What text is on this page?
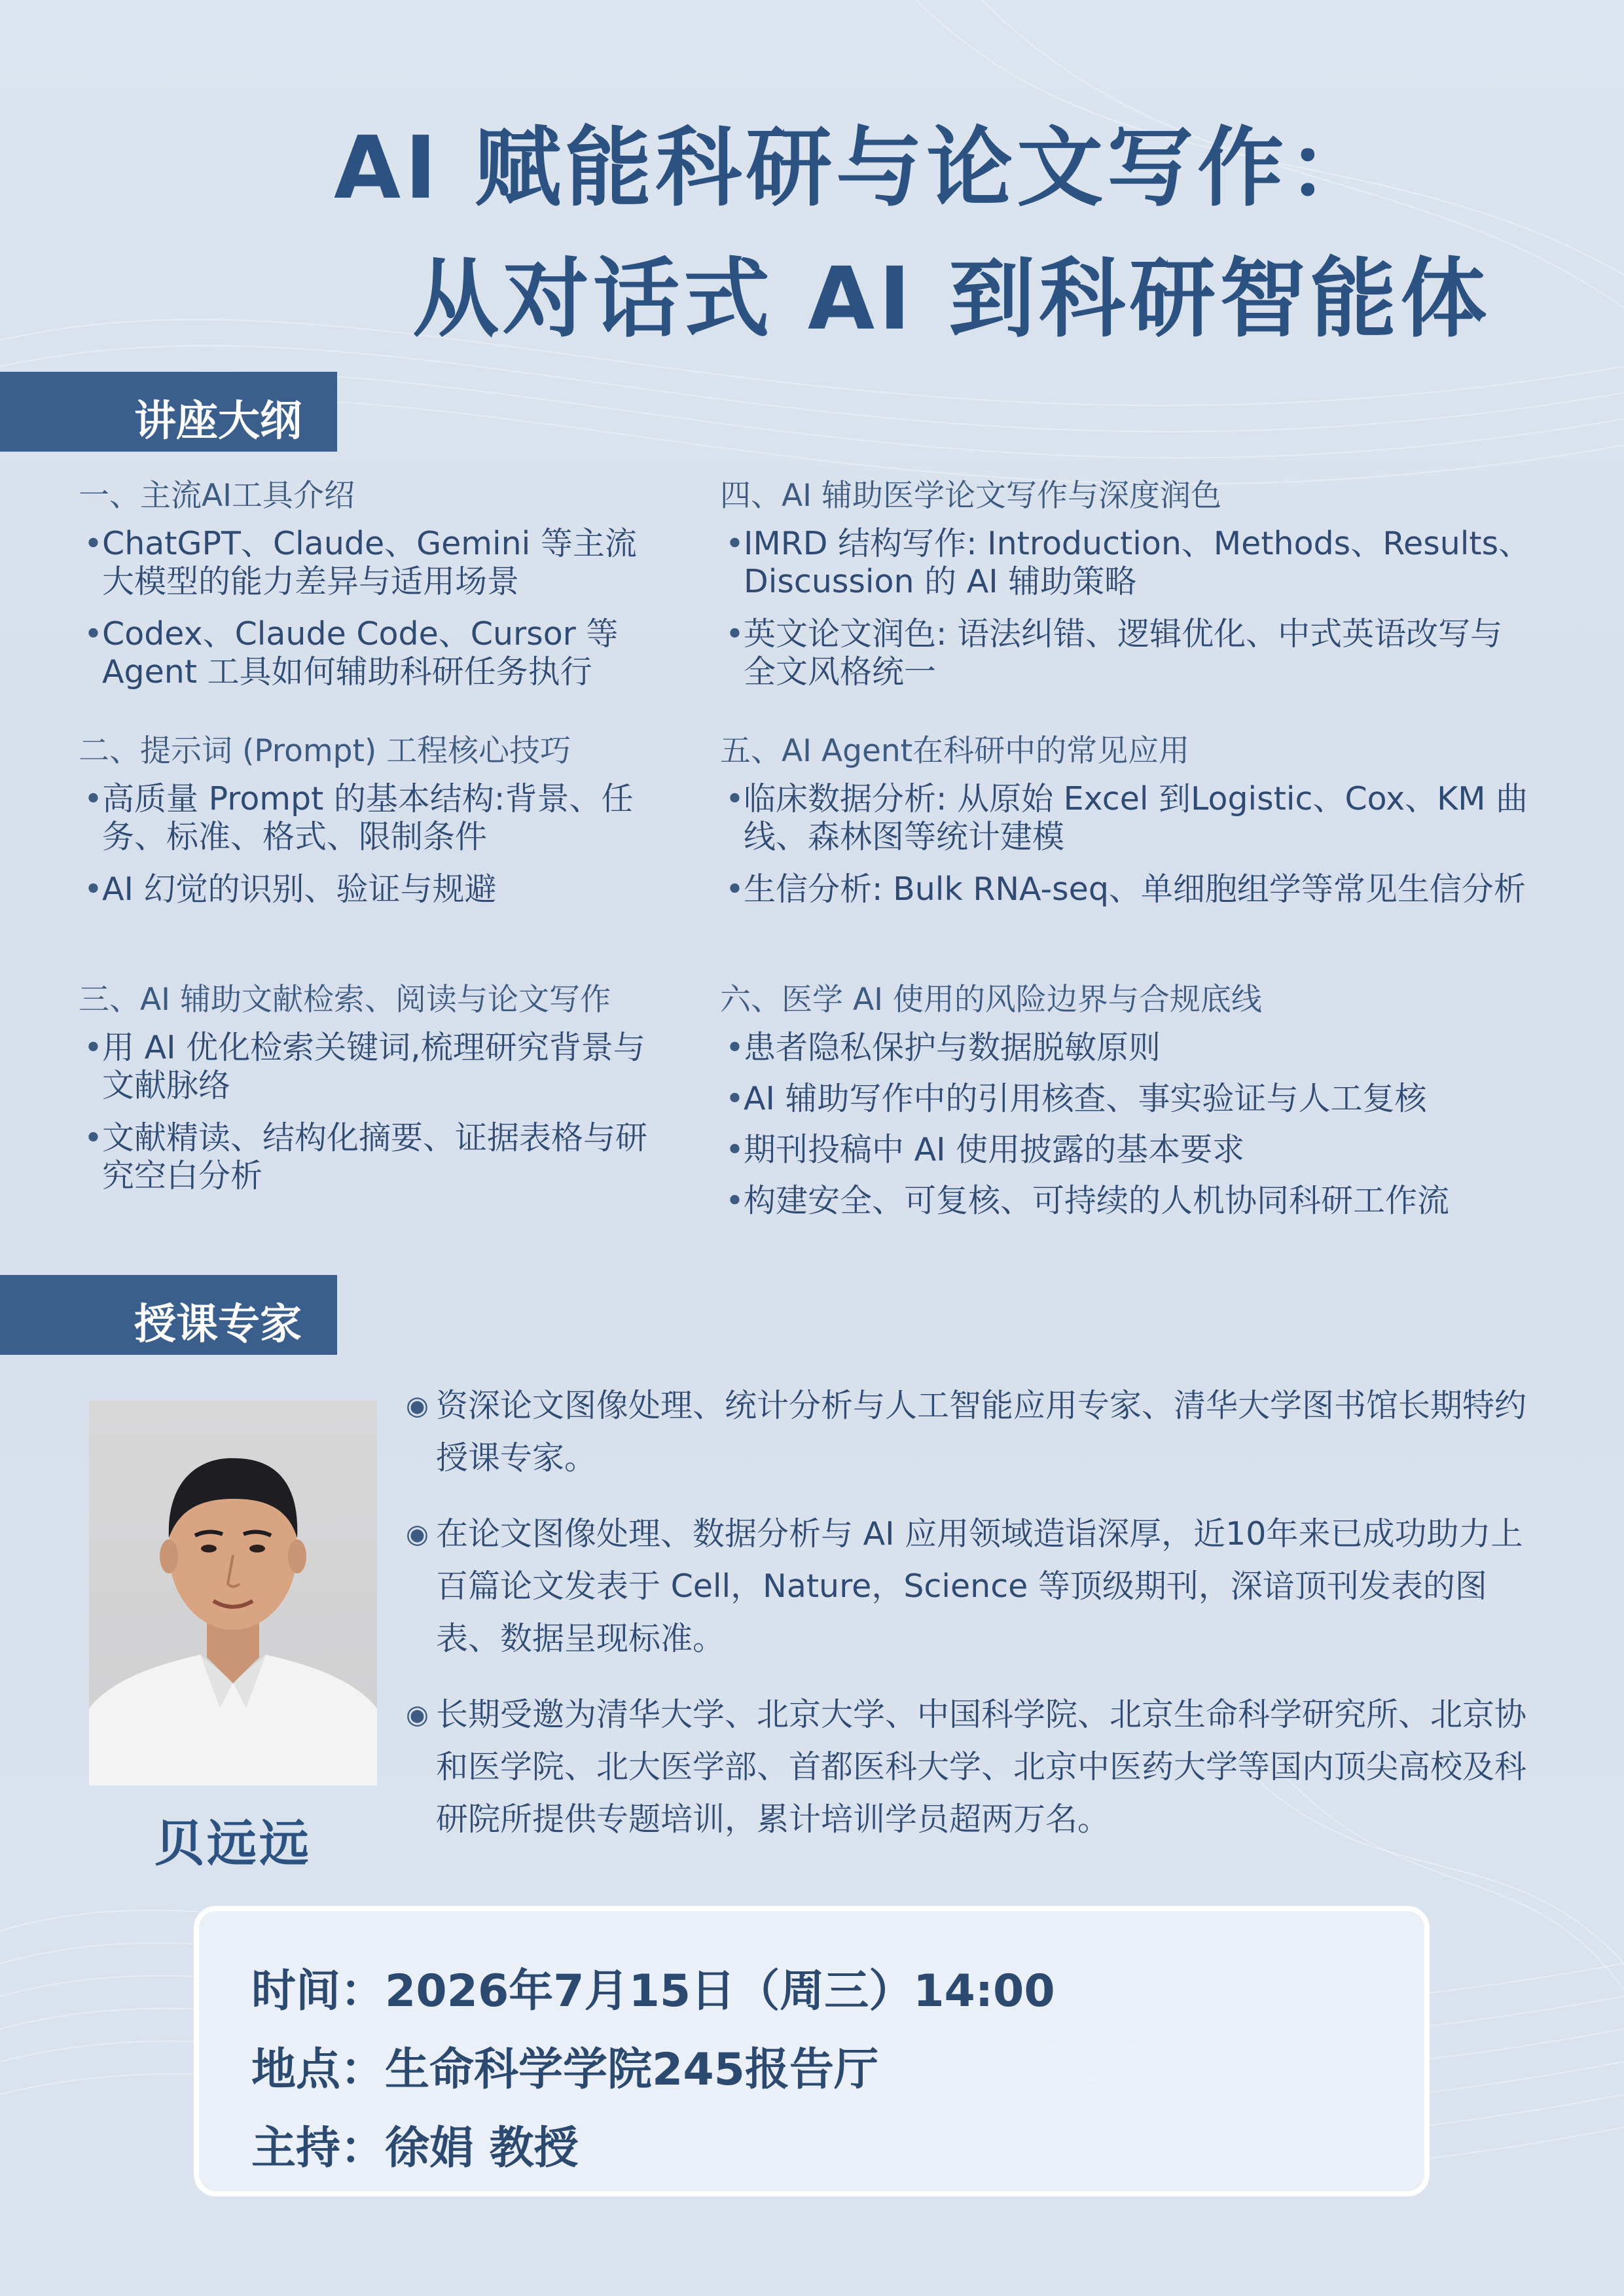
AI 赋能科研与论文写作：
从对话式 AI 到科研智能体
讲座大纲
一、主流AI工具介绍
• ChatGPT、Claude、Gemini 等主流大模型的能力差异与适用场景
• Codex、Claude Code、Cursor 等 Agent 工具如何辅助科研任务执行
二、提示词 (Prompt) 工程核心技巧
• 高质量 Prompt 的基本结构:背景、任务、标准、格式、限制条件
• AI 幻觉的识别、验证与规避
三、AI 辅助文献检索、阅读与论文写作
• 用 AI 优化检索关键词,梳理研究背景与文献脉络
• 文献精读、结构化摘要、证据表格与研究空白分析
四、AI 辅助医学论文写作与深度润色
• IMRD 结构写作: Introduction、Methods、Results、Discussion 的 AI 辅助策略
• 英文论文润色: 语法纠错、逻辑优化、中式英语改写与全文风格统一
五、AI Agent在科研中的常见应用
• 临床数据分析: 从原始 Excel 到Logistic、Cox、KM 曲线、森林图等统计建模
• 生信分析: Bulk RNA-seq、单细胞组学等常见生信分析
六、医学 AI 使用的风险边界与合规底线
• 患者隐私保护与数据脱敏原则
• AI 辅助写作中的引用核查、事实验证与人工复核
• 期刊投稿中 AI 使用披露的基本要求
• 构建安全、可复核、可持续的人机协同科研工作流
授课专家
贝远远
◉ 资深论文图像处理、统计分析与人工智能应用专家、清华大学图书馆长期特约授课专家。
◉ 在论文图像处理、数据分析与 AI 应用领域造诣深厚，近10年来已成功助力上百篇论文发表于 Cell，Nature，Science 等顶级期刊，深谙顶刊发表的图表、数据呈现标准。
◉ 长期受邀为清华大学、北京大学、中国科学院、北京生命科学研究所、北京协和医学院、北大医学部、首都医科大学、北京中医药大学等国内顶尖高校及科研院所提供专题培训，累计培训学员超两万名。
时间：2026年7月15日（周三）14:00
地点：生命科学学院245报告厅
主持：徐娟 教授
